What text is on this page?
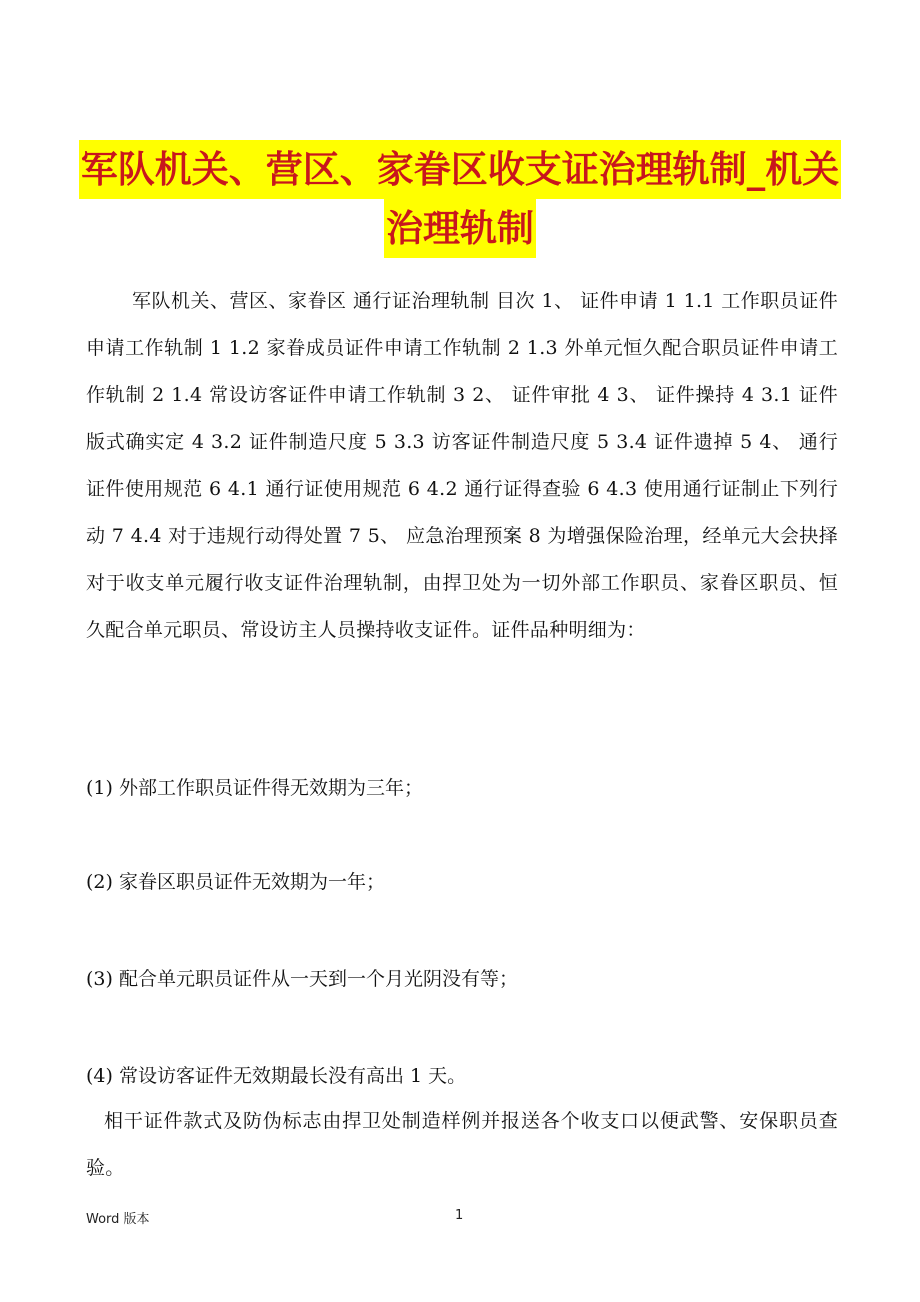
军队机关、营区、家眷区收支证治理轨制_机关
治理轨制

军队机关、营区、家眷区 通行证治理轨制 目次 1、 证件申请 1 1.1 工作职员证件申请工作轨制 1 1.2 家眷成员证件申请工作轨制 2 1.3 外单元恒久配合职员证件申请工作轨制 2 1.4 常设访客证件申请工作轨制 3 2、 证件审批 4 3、 证件操持 4 3.1 证件版式确实定 4 3.2 证件制造尺度 5 3.3 访客证件制造尺度 5 3.4 证件遗掉 5 4、 通行证件使用规范 6 4.1 通行证使用规范 6 4.2 通行证得查验 6 4.3 使用通行证制止下列行动 7 4.4 对于违规行动得处置 7 5、 应急治理预案 8 为增强保险治理，经单元大会抉择对于收支单元履行收支证件治理轨制，由捍卫处为一切外部工作职员、家眷区职员、恒久配合单元职员、常设访主人员操持收支证件。证件品种明细为：

(1) 外部工作职员证件得无效期为三年；
(2) 家眷区职员证件无效期为一年；
(3) 配合单元职员证件从一天到一个月光阴没有等；
(4) 常设访客证件无效期最长没有高出 1 天。

相干证件款式及防伪标志由捍卫处制造样例并报送各个收支口以便武警、安保职员查验。

Word 版本	1
